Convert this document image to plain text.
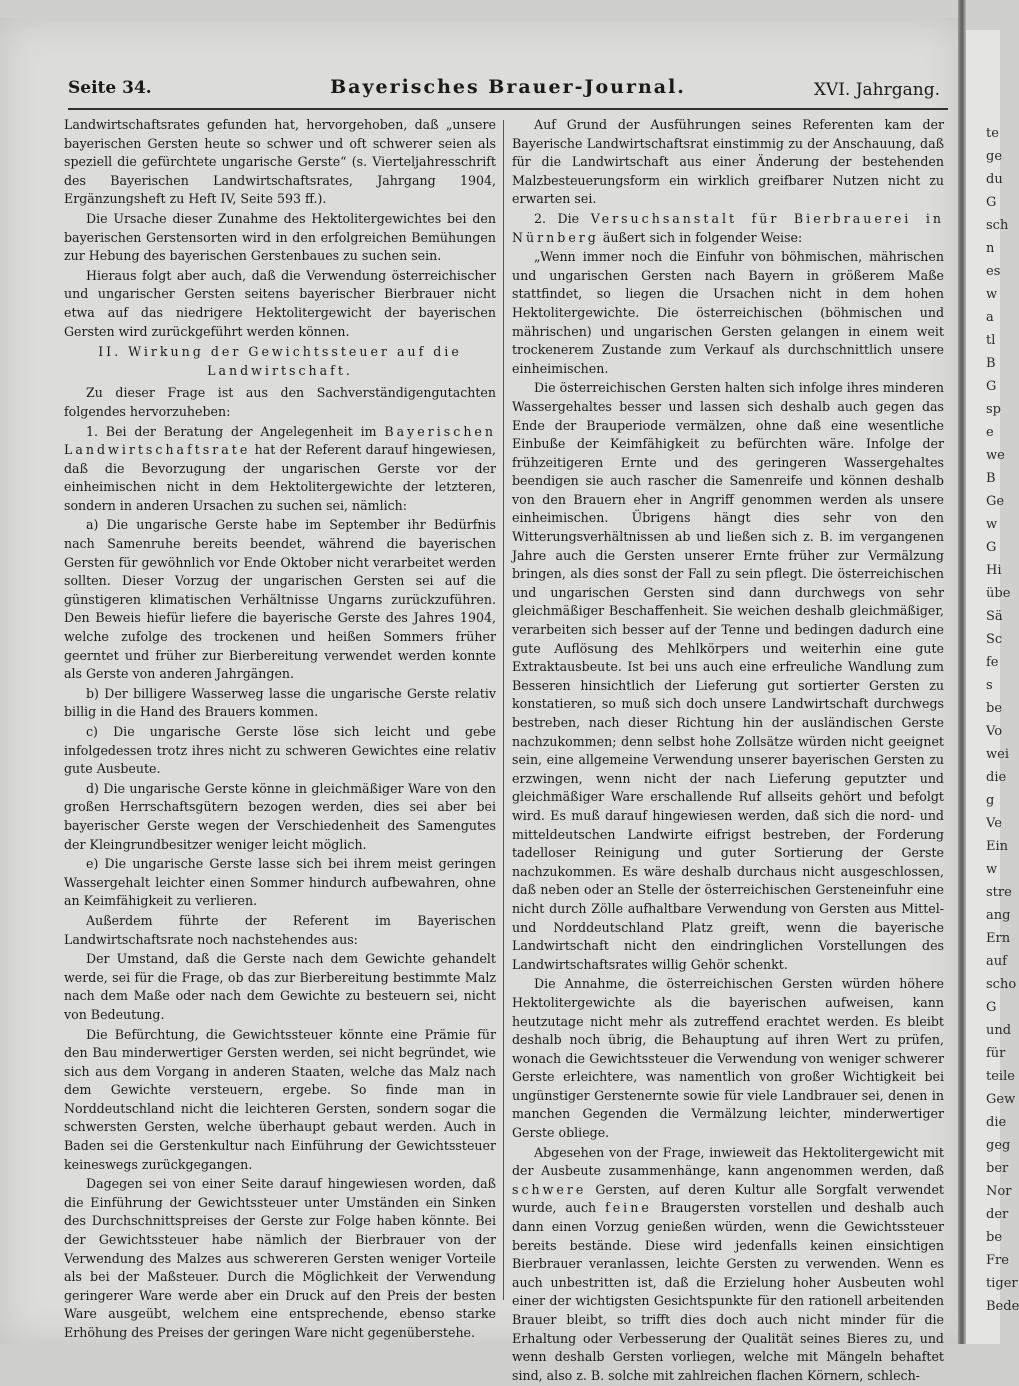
te
ge
du
G
sch
n
es
w
a
tl
B
G
sp
e
we
B
Ge
w
G
Hi
übe
Sä
Sc
fe
s
be
Vo
wei
die
g
Ve
Ein
w
stre
ang
Ern
auf
scho
G
und
für
teile
Gew
die
geg
ber
Nor
der
be
Fre
tiger
Bede
Seite 34.	Bayerisches Brauer-Journal.	XVI. Jahrgang.

Landwirtschaftsrates gefunden hat, hervorgehoben, daß „unsere bayerischen Gersten heute so schwer und oft schwerer seien als speziell die gefürchtete ungarische Gerste“ (s. Vierteljahresschrift des Bayerischen Landwirtschaftsrates, Jahrgang 1904, Ergänzungsheft zu Heft IV, Seite 593 ff.).

Die Ursache dieser Zunahme des Hektolitergewichtes bei den bayerischen Gerstensorten wird in den erfolgreichen Bemühungen zur Hebung des bayerischen Gerstenbaues zu suchen sein.

Hieraus folgt aber auch, daß die Verwendung österreichischer und ungarischer Gersten seitens bayerischer Bierbrauer nicht etwa auf das niedrigere Hektolitergewicht der bayerischen Gersten wird zurückgeführt werden können.

II. Wirkung der Gewichtssteuer auf die Landwirtschaft.

Zu dieser Frage ist aus den Sachverständigengutachten folgendes hervorzuheben:

1. Bei der Beratung der Angelegenheit im Bayerischen Landwirtschaftsrate hat der Referent darauf hingewiesen, daß die Bevorzugung der ungarischen Gerste vor der einheimischen nicht in dem Hektolitergewichte der letzteren, sondern in anderen Ursachen zu suchen sei, nämlich:

a) Die ungarische Gerste habe im September ihr Bedürfnis nach Samenruhe bereits beendet, während die bayerischen Gersten für gewöhnlich vor Ende Oktober nicht verarbeitet werden sollten. Dieser Vorzug der ungarischen Gersten sei auf die günstigeren klimatischen Verhältnisse Ungarns zurückzuführen. Den Beweis hiefür liefere die bayerische Gerste des Jahres 1904, welche zufolge des trockenen und heißen Sommers früher geerntet und früher zur Bierbereitung verwendet werden konnte als Gerste von anderen Jahrgängen.

b) Der billigere Wasserweg lasse die ungarische Gerste relativ billig in die Hand des Brauers kommen.

c) Die ungarische Gerste löse sich leicht und gebe infolgedessen trotz ihres nicht zu schweren Gewichtes eine relativ gute Ausbeute.

d) Die ungarische Gerste könne in gleichmäßiger Ware von den großen Herrschaftsgütern bezogen werden, dies sei aber bei bayerischer Gerste wegen der Verschiedenheit des Samengutes der Kleingrundbesitzer weniger leicht möglich.

e) Die ungarische Gerste lasse sich bei ihrem meist geringen Wassergehalt leichter einen Sommer hindurch aufbewahren, ohne an Keimfähigkeit zu verlieren.

Außerdem führte der Referent im Bayerischen Landwirtschaftsrate noch nachstehendes aus:

Der Umstand, daß die Gerste nach dem Gewichte gehandelt werde, sei für die Frage, ob das zur Bierbereitung bestimmte Malz nach dem Maße oder nach dem Gewichte zu besteuern sei, nicht von Bedeutung.

Die Befürchtung, die Gewichtssteuer könnte eine Prämie für den Bau minderwertiger Gersten werden, sei nicht begründet, wie sich aus dem Vorgang in anderen Staaten, welche das Malz nach dem Gewichte versteuern, ergebe. So finde man in Norddeutschland nicht die leichteren Gersten, sondern sogar die schwersten Gersten, welche überhaupt gebaut werden. Auch in Baden sei die Gerstenkultur nach Einführung der Gewichtssteuer keineswegs zurückgegangen.

Dagegen sei von einer Seite darauf hingewiesen worden, daß die Einführung der Gewichtssteuer unter Umständen ein Sinken des Durchschnittspreises der Gerste zur Folge haben könnte. Bei der Gewichtssteuer habe nämlich der Bierbrauer von der Verwendung des Malzes aus schwereren Gersten weniger Vorteile als bei der Maßsteuer. Durch die Möglichkeit der Verwendung geringerer Ware werde aber ein Druck auf den Preis der besten Ware ausgeübt, welchem eine entsprechende, ebenso starke Erhöhung des Preises der geringen Ware nicht gegenüberstehe.

Auf Grund der Ausführungen seines Referenten kam der Bayerische Landwirtschaftsrat einstimmig zu der Anschauung, daß für die Landwirtschaft aus einer Änderung der bestehenden Malzbesteuerungsform ein wirklich greifbarer Nutzen nicht zu erwarten sei.

2. Die Versuchsanstalt für Bierbrauerei in Nürnberg äußert sich in folgender Weise:

„Wenn immer noch die Einfuhr von böhmischen, mährischen und ungarischen Gersten nach Bayern in größerem Maße stattfindet, so liegen die Ursachen nicht in dem hohen Hektolitergewichte. Die österreichischen (böhmischen und mährischen) und ungarischen Gersten gelangen in einem weit trockenerem Zustande zum Verkauf als durchschnittlich unsere einheimischen.

Die österreichischen Gersten halten sich infolge ihres minderen Wassergehaltes besser und lassen sich deshalb auch gegen das Ende der Brauperiode vermälzen, ohne daß eine wesentliche Einbuße der Keimfähigkeit zu befürchten wäre. Infolge der frühzeitigeren Ernte und des geringeren Wassergehaltes beendigen sie auch rascher die Samenreife und können deshalb von den Brauern eher in Angriff genommen werden als unsere einheimischen. Übrigens hängt dies sehr von den Witterungsverhältnissen ab und ließen sich z. B. im vergangenen Jahre auch die Gersten unserer Ernte früher zur Vermälzung bringen, als dies sonst der Fall zu sein pflegt. Die österreichischen und ungarischen Gersten sind dann durchwegs von sehr gleichmäßiger Beschaffenheit. Sie weichen deshalb gleichmäßiger, verarbeiten sich besser auf der Tenne und bedingen dadurch eine gute Auflösung des Mehlkörpers und weiterhin eine gute Extraktausbeute. Ist bei uns auch eine erfreuliche Wandlung zum Besseren hinsichtlich der Lieferung gut sortierter Gersten zu konstatieren, so muß sich doch unsere Landwirtschaft durchwegs bestreben, nach dieser Richtung hin der ausländischen Gerste nachzukommen; denn selbst hohe Zollsätze würden nicht geeignet sein, eine allgemeine Verwendung unserer bayerischen Gersten zu erzwingen, wenn nicht der nach Lieferung geputzter und gleichmäßiger Ware erschallende Ruf allseits gehört und befolgt wird. Es muß darauf hingewiesen werden, daß sich die nord- und mitteldeutschen Landwirte eifrigst bestreben, der Forderung tadelloser Reinigung und guter Sortierung der Gerste nachzukommen. Es wäre deshalb durchaus nicht ausgeschlossen, daß neben oder an Stelle der österreichischen Gersteneinfuhr eine nicht durch Zölle aufhaltbare Verwendung von Gersten aus Mittel- und Norddeutschland Platz greift, wenn die bayerische Landwirtschaft nicht den eindringlichen Vorstellungen des Landwirtschaftsrates willig Gehör schenkt.

Die Annahme, die österreichischen Gersten würden höhere Hektolitergewichte als die bayerischen aufweisen, kann heutzutage nicht mehr als zutreffend erachtet werden. Es bleibt deshalb noch übrig, die Behauptung auf ihren Wert zu prüfen, wonach die Gewichtssteuer die Verwendung von weniger schwerer Gerste erleichtere, was namentlich von großer Wichtigkeit bei ungünstiger Gerstenernte sowie für viele Landbrauer sei, denen in manchen Gegenden die Vermälzung leichter, minderwertiger Gerste obliege.

Abgesehen von der Frage, inwieweit das Hektolitergewicht mit der Ausbeute zusammenhänge, kann angenommen werden, daß schwere Gersten, auf deren Kultur alle Sorgfalt verwendet wurde, auch feine Braugersten vorstellen und deshalb auch dann einen Vorzug genießen würden, wenn die Gewichtssteuer bereits bestände. Diese wird jedenfalls keinen einsichtigen Bierbrauer veranlassen, leichte Gersten zu verwenden. Wenn es auch unbestritten ist, daß die Erzielung hoher Ausbeuten wohl einer der wichtigsten Gesichtspunkte für den rationell arbeitenden Brauer bleibt, so trifft dies doch auch nicht minder für die Erhaltung oder Verbesserung der Qualität seines Bieres zu, und wenn deshalb Gersten vorliegen, welche mit Mängeln behaftet sind, also z. B. solche mit zahlreichen flachen Körnern, schlech-
